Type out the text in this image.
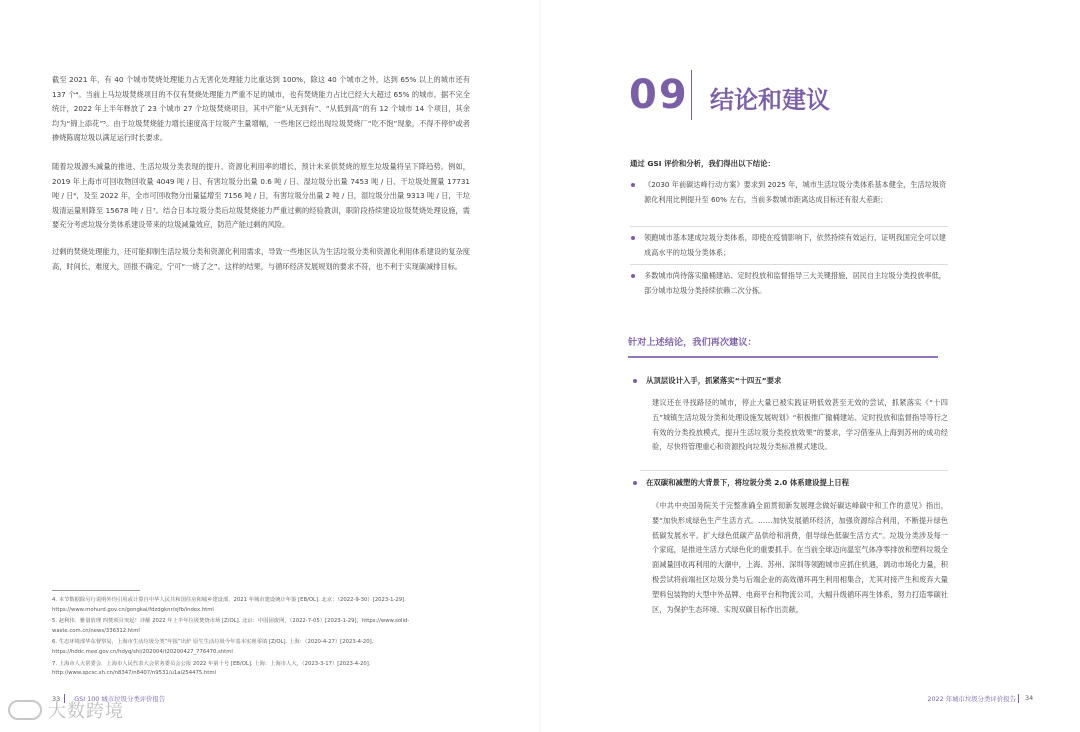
截至 2021 年，有 40 个城市焚烧处理能力占无害化处理能力比重达到 100%，除这 40 个城市之外，达到 65% 以上的城市还有 137 个⁴。当前上马垃圾焚烧项目的不仅有焚烧处理能力严重不足的城市，也有焚烧能力占比已经大大超过 65% 的城市。据不完全统计，2022 年上半年释放了 23 个城市 27 个垃圾焚烧项目，其中产能“从无到有”、“从低到高”的有 12 个城市 14 个项目，其余均为“锦上添花”⁵。由于垃圾焚烧能力增长速度高于垃圾产生量增幅，一些地区已经出现垃圾焚烧厂“吃不饱”现象，不得不停炉或者掺烧陈腐垃圾以满足运行时长要求。

随着垃圾源头减量的推进、生活垃圾分类表现的提升、资源化利用率的增长，预计未来供焚烧的原生垃圾量将呈下降趋势。例如，2019 年上海市可回收物回收量 4049 吨 / 日、有害垃圾分出量 0.6 吨 / 日、湿垃圾分出量 7453 吨 / 日、干垃圾处置量 17731 吨 / 日⁶，及至 2022 年，全市可回收物分出量猛增至 7156 吨 / 日，有害垃圾分出量 2 吨 / 日，湿垃圾分出量 9313 吨 / 日，干垃圾清运量则降至 15678 吨 / 日⁷。结合日本垃圾分类后垃圾焚烧能力严重过剩的经验教训，职阶段持续建设垃圾焚烧处理设施，需要充分考虑垃圾分类体系建设带来的垃圾减量效应，防范产能过剩的风险。

过剩的焚烧处理能力，还可能抑制生活垃圾分类和资源化利用需求，导致一些地区认为生活垃圾分类和资源化利用体系建设的复杂度高，时间长，难度大，回报不确定，宁可“一烧了之”。这样的结果，与循环经济发展规划的要求不符，也不利于实现碳减排目标。

4. 本节数据除另行说明外均引用或计算自中华人民共和国住房和城乡建设部，2021 年城市建设统计年鉴 [EB/OL]. 北京：（2022-9-30）[2023-1-29]. https://www.mohurd.gov.cn/gongkai/fdzdgknr/sjfb/index.html
5. 赵利伟．雅量放理 四焚项目突起！详解 2022 年上半年垃圾焚烧市场 [Z/OL]. 北京：中国固废网，（2022-7-05）[2023-1-29]，https://www.solid-waste.com.cn/news/336312.html
6. 生态环境部华东督察局，上海市生活垃圾分类“年报”出炉 原生生活垃圾今年基本实现零填 [Z/OL]. 上海：（2020-4-27）[2023-4-20]. https://hddc.mee.gov.cn/hdyq/shi/202004/t20200427_776470.shtml
7. 上海市人大常委会．上海市人民代表大会常务委员会公报 2022 年第十号 [EB/OL]. 上海：上海市人大，（2023-3-17）[2023-4-20]. http://www.spcsc.sh.cn/n8347/n8407/n9531/u1ai254475.html
33 GSI 100 城市垃圾分类评价报告
大数跨境
09 结论和建议
通过 GSI 评价和分析，我们得出以下结论：
《2030 年前碳达峰行动方案》要求到 2025 年，城市生活垃圾分类体系基本健全，生活垃圾资源化利用比例提升至 60% 左右，当前多数城市距离达成目标还有很大差距；
领跑城市基本建成垃圾分类体系，即使在疫情影响下，依然持续有效运行，证明我国完全可以建成高水平的垃圾分类体系；
多数城市尚待落实撤桶建站、定时投放和监督指导三大关键措施，居民自主垃圾分类投放率低，部分城市垃圾分类持续依赖二次分拣。
针对上述结论，我们再次建议：
从顶层设计入手，抓紧落实“十四五”要求
建议还在寻找路径的城市，停止大量已被实践证明低效甚至无效的尝试，抓紧落实《“十四五”城镇生活垃圾分类和处理设施发展规划》“积极推广撤桶建站、定时投放和监督指导等行之有效的分类投放模式，提升生活垃圾分类投放效果”的要求，学习借鉴从上海到苏州的成功经验，尽快将管理重心和资源投向垃圾分类标准模式建设。
在双碳和减塑的大背景下，将垃圾分类 2.0 体系建设提上日程
《中共中央国务院关于完整准确全面贯彻新发展理念做好碳达峰碳中和工作的意见》指出，要“加快形成绿色生产生活方式。……加快发展循环经济，加强资源综合利用，不断提升绿色低碳发展水平。扩大绿色低碳产品供给和消费，倡导绿色低碳生活方式”。垃圾分类涉及每一个家庭，是推进生活方式绿色化的重要抓手。在当前全球迈向温室气体净零排放和塑料垃圾全面减量回收再利用的大潮中，上海、苏州、深圳等领跑城市应抓住机遇，调动市场化力量，积极尝试将前端社区垃圾分类与后端企业的高效循环再生利用相集合，尤其对接产生和废弃大量塑料包装物的大型中外品牌、电商平台和物流公司，大幅升级循环再生体系，努力打造零碳社区，为保护生态环境、实现双碳目标作出贡献。
2022 年城市垃圾分类评价报告 34
